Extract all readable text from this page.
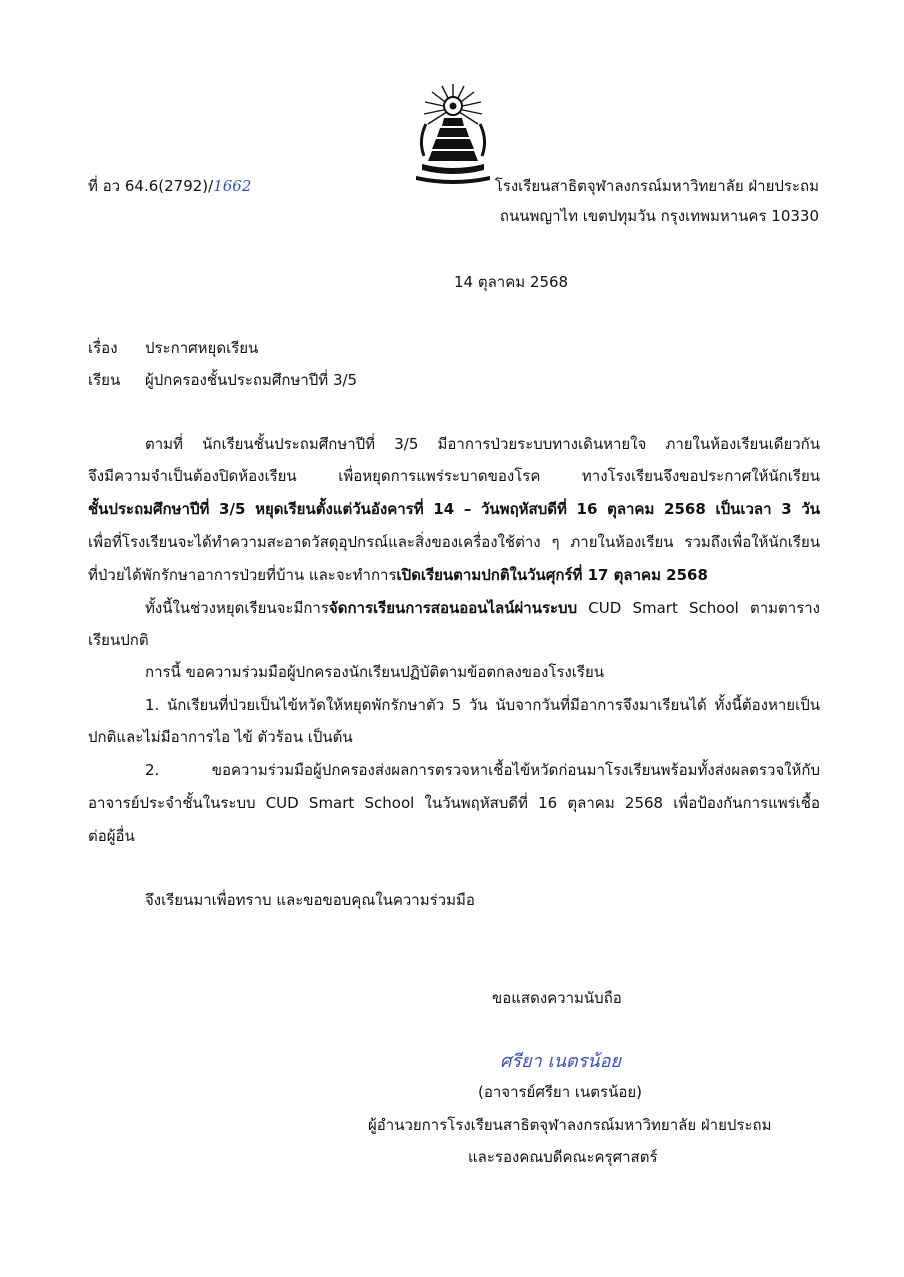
ที่ อว 64.6(2792)/1662	โรงเรียนสาธิตจุฬาลงกรณ์มหาวิทยาลัย ฝ่ายประถม
ถนนพญาไท เขตปทุมวัน กรุงเทพมหานคร 10330
14 ตุลาคม 2568
เรื่อง ประกาศหยุดเรียน
เรียน ผู้ปกครองชั้นประถมศึกษาปีที่ 3/5
ตามที่ นักเรียนชั้นประถมศึกษาปีที่ 3/5 มีอาการป่วยระบบทางเดินหายใจ ภายในห้องเรียนเดียวกัน
จึงมีความจำเป็นต้องปิดห้องเรียน เพื่อหยุดการแพร่ระบาดของโรค ทางโรงเรียนจึงขอประกาศให้นักเรียน
ชั้นประถมศึกษาปีที่ 3/5 หยุดเรียนตั้งแต่วันอังคารที่ 14 – วันพฤหัสบดีที่ 16 ตุลาคม 2568 เป็นเวลา 3 วัน
เพื่อที่โรงเรียนจะได้ทำความสะอาดวัสดุอุปกรณ์และสิ่งของเครื่องใช้ต่าง ๆ ภายในห้องเรียน รวมถึงเพื่อให้นักเรียน
ที่ป่วยได้พักรักษาอาการป่วยที่บ้าน และจะทำการเปิดเรียนตามปกติในวันศุกร์ที่ 17 ตุลาคม 2568
ทั้งนี้ในช่วงหยุดเรียนจะมีการจัดการเรียนการสอนออนไลน์ผ่านระบบ CUD Smart School ตามตาราง
เรียนปกติ
การนี้ ขอความร่วมมือผู้ปกครองนักเรียนปฏิบัติตามข้อตกลงของโรงเรียน
1. นักเรียนที่ป่วยเป็นไข้หวัดให้หยุดพักรักษาตัว 5 วัน นับจากวันที่มีอาการจึงมาเรียนได้ ทั้งนี้ต้องหายเป็น
ปกติและไม่มีอาการไอ ไข้ ตัวร้อน เป็นต้น
2. ขอความร่วมมือผู้ปกครองส่งผลการตรวจหาเชื้อไข้หวัดก่อนมาโรงเรียนพร้อมทั้งส่งผลตรวจให้กับ
อาจารย์ประจำชั้นในระบบ CUD Smart School ในวันพฤหัสบดีที่ 16 ตุลาคม 2568 เพื่อป้องกันการแพร่เชื้อ
ต่อผู้อื่น
จึงเรียนมาเพื่อทราบ และขอขอบคุณในความร่วมมือ
ขอแสดงความนับถือ
ศรียา เนตรน้อย
(อาจารย์ศรียา เนตรน้อย)
ผู้อำนวยการโรงเรียนสาธิตจุฬาลงกรณ์มหาวิทยาลัย ฝ่ายประถม
และรองคณบดีคณะครุศาสตร์
